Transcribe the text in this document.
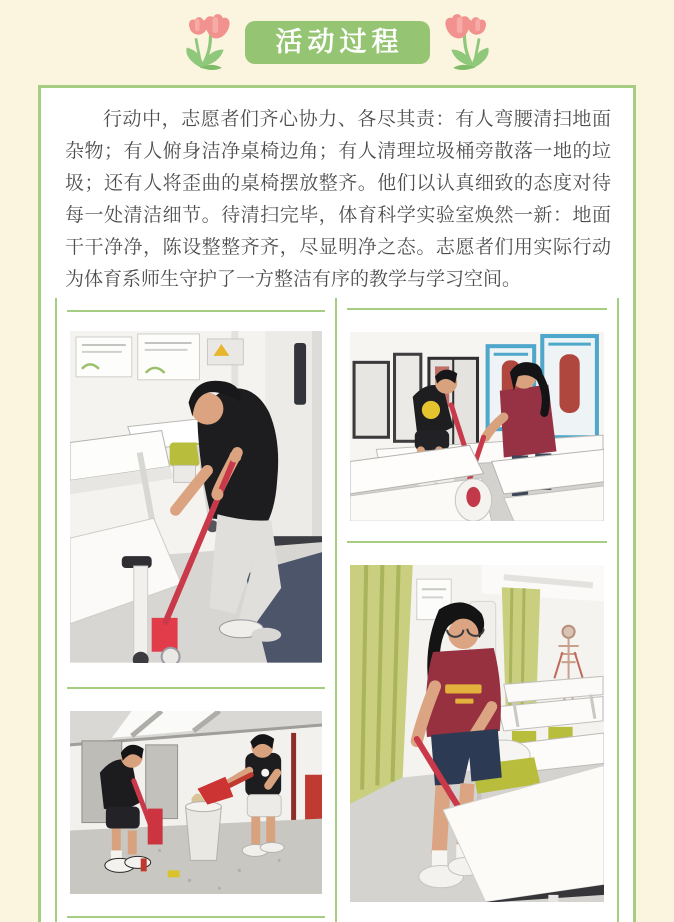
活动过程

行动中，志愿者们齐心协力、各尽其责：有人弯腰清扫地面杂物；有人俯身洁净桌椅边角；有人清理垃圾桶旁散落一地的垃圾；还有人将歪曲的桌椅摆放整齐。他们以认真细致的态度对待每一处清洁细节。待清扫完毕，体育科学实验室焕然一新：地面干干净净，陈设整整齐齐，尽显明净之态。志愿者们用实际行动为体育系师生守护了一方整洁有序的教学与学习空间。
